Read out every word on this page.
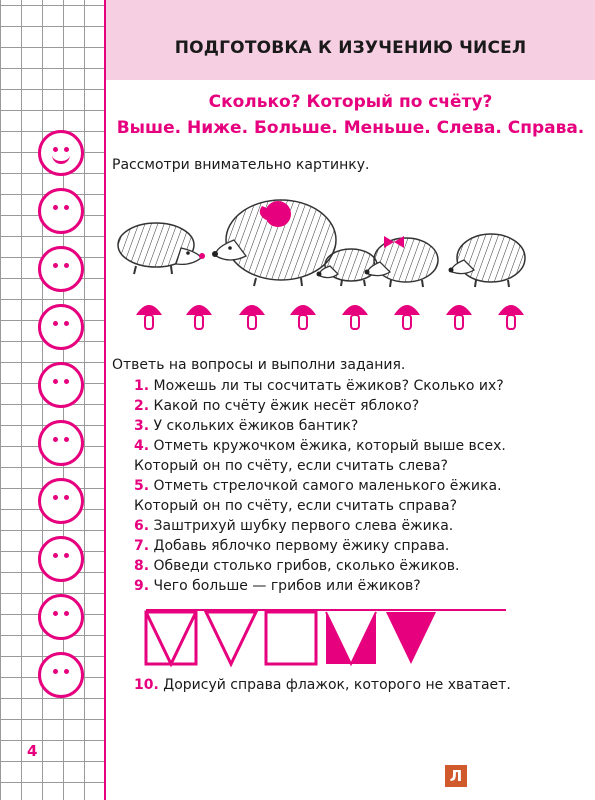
ПОДГОТОВКА К ИЗУЧЕНИЮ ЧИСЕЛ
Сколько? Который по счёту?
Выше. Ниже. Больше. Меньше. Слева. Справа.
Рассмотри внимательно картинку.
Ответь на вопросы и выполни задания.
1. Можешь ли ты сосчитать ёжиков? Сколько их?
2. Какой по счёту ёжик несёт яблоко?
3. У скольких ёжиков бантик?
4. Отметь кружочком ёжика, который выше всех.
Который он по счёту, если считать слева?
5. Отметь стрелочкой самого маленького ёжика.
Который он по счёту, если считать справа?
6. Заштрихуй шубку первого слева ёжика.
7. Добавь яблочко первому ёжику справа.
8. Обведи столько грибов, сколько ёжиков.
9. Чего больше — грибов или ёжиков?
10. Дорисуй справа флажок, которого не хватает.
4
Л
